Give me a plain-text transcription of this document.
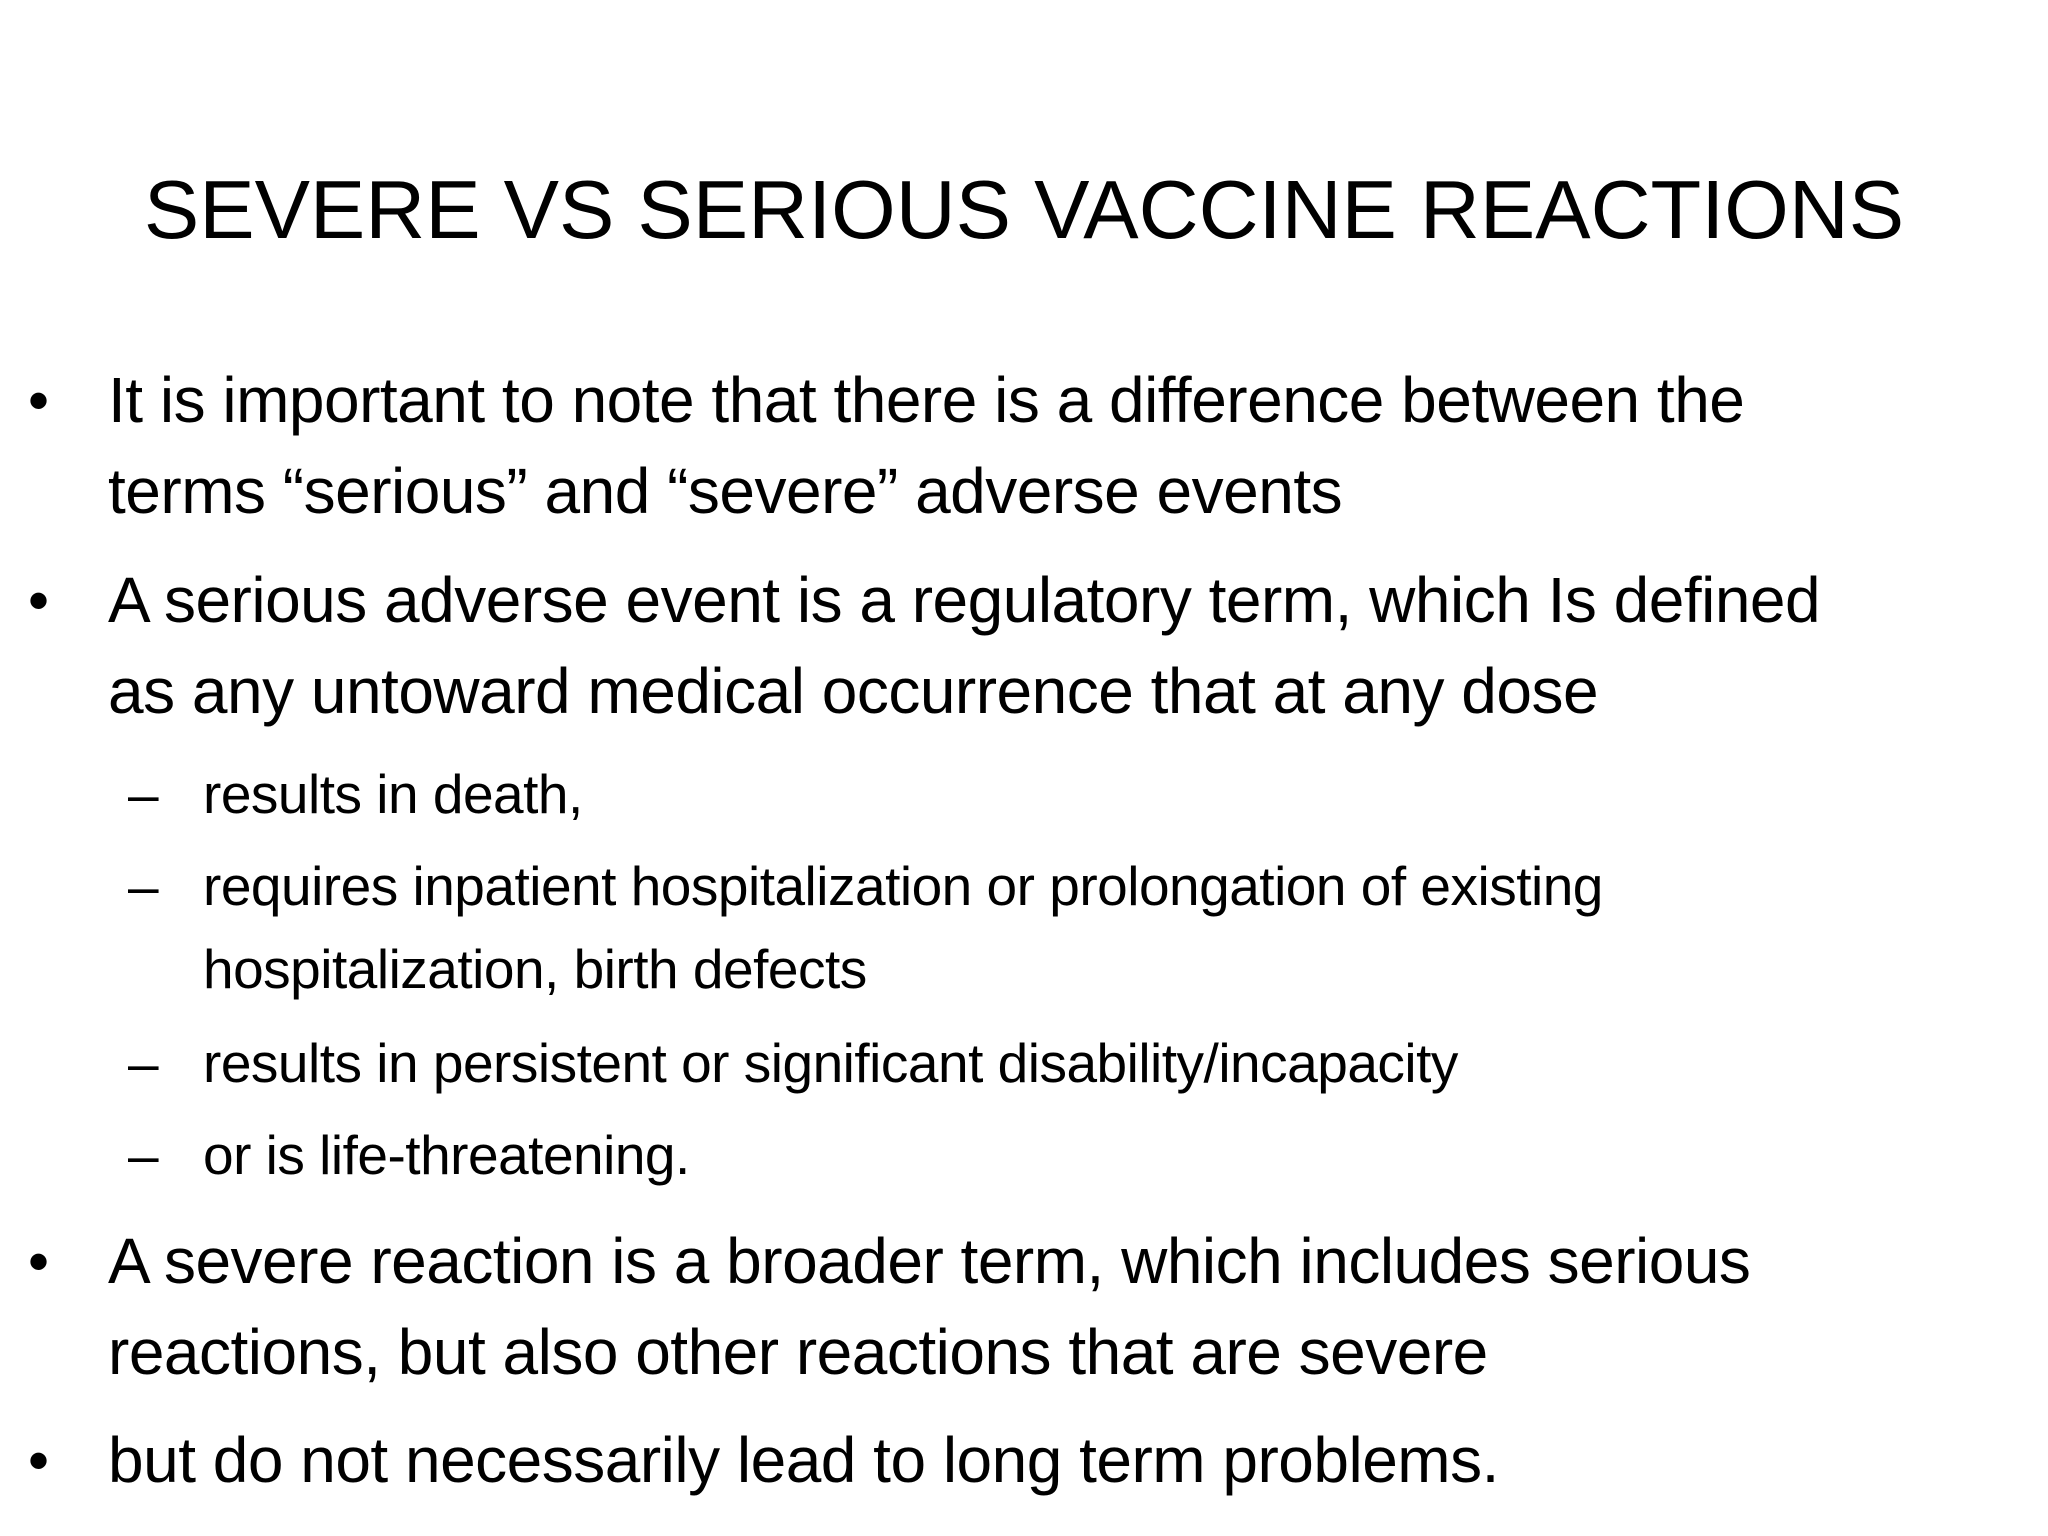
SEVERE VS SERIOUS VACCINE REACTIONS
• It is important to note that there is a difference between the
terms “serious” and “severe” adverse events
• A serious adverse event is a regulatory term, which Is defined
as any untoward medical occurrence that at any dose
– results in death,
– requires inpatient hospitalization or prolongation of existing
hospitalization, birth defects
– results in persistent or significant disability/incapacity
– or is life-threatening.
• A severe reaction is a broader term, which includes serious
reactions, but also other reactions that are severe
• but do not necessarily lead to long term problems.
